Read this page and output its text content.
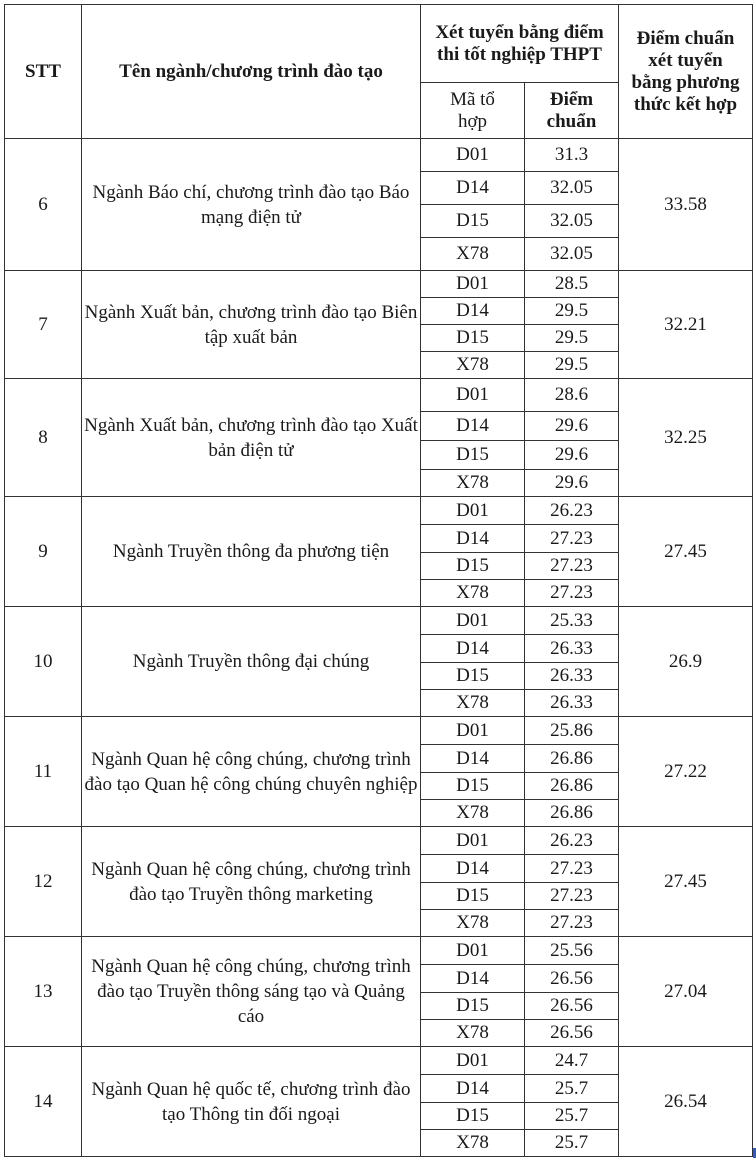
STT	Tên ngành/chương trình đào tạo	Xét tuyển bằng điểm thi tốt nghiệp THPT		Điểm chuẩn xét tuyển bằng phương thức kết hợp
		Mã tổ hợp	Điểm chuẩn	
6	Ngành Báo chí, chương trình đào tạo Báo mạng điện tử	D01	31.3	33.58
		D14	32.05	
		D15	32.05	
		X78	32.05	
7	Ngành Xuất bản, chương trình đào tạo Biên tập xuất bản	D01	28.5	32.21
		D14	29.5	
		D15	29.5	
		X78	29.5	
8	Ngành Xuất bản, chương trình đào tạo Xuất bản điện tử	D01	28.6	32.25
		D14	29.6	
		D15	29.6	
		X78	29.6	
9	Ngành Truyền thông đa phương tiện	D01	26.23	27.45
		D14	27.23	
		D15	27.23	
		X78	27.23	
10	Ngành Truyền thông đại chúng	D01	25.33	26.9
		D14	26.33	
		D15	26.33	
		X78	26.33	
11	Ngành Quan hệ công chúng, chương trình đào tạo Quan hệ công chúng chuyên nghiệp	D01	25.86	27.22
		D14	26.86	
		D15	26.86	
		X78	26.86	
12	Ngành Quan hệ công chúng, chương trình đào tạo Truyền thông marketing	D01	26.23	27.45
		D14	27.23	
		D15	27.23	
		X78	27.23	
13	Ngành Quan hệ công chúng, chương trình đào tạo Truyền thông sáng tạo và Quảng cáo	D01	25.56	27.04
		D14	26.56	
		D15	26.56	
		X78	26.56	
14	Ngành Quan hệ quốc tế, chương trình đào tạo Thông tin đối ngoại	D01	24.7	26.54
		D14	25.7	
		D15	25.7	
		X78	25.7	
